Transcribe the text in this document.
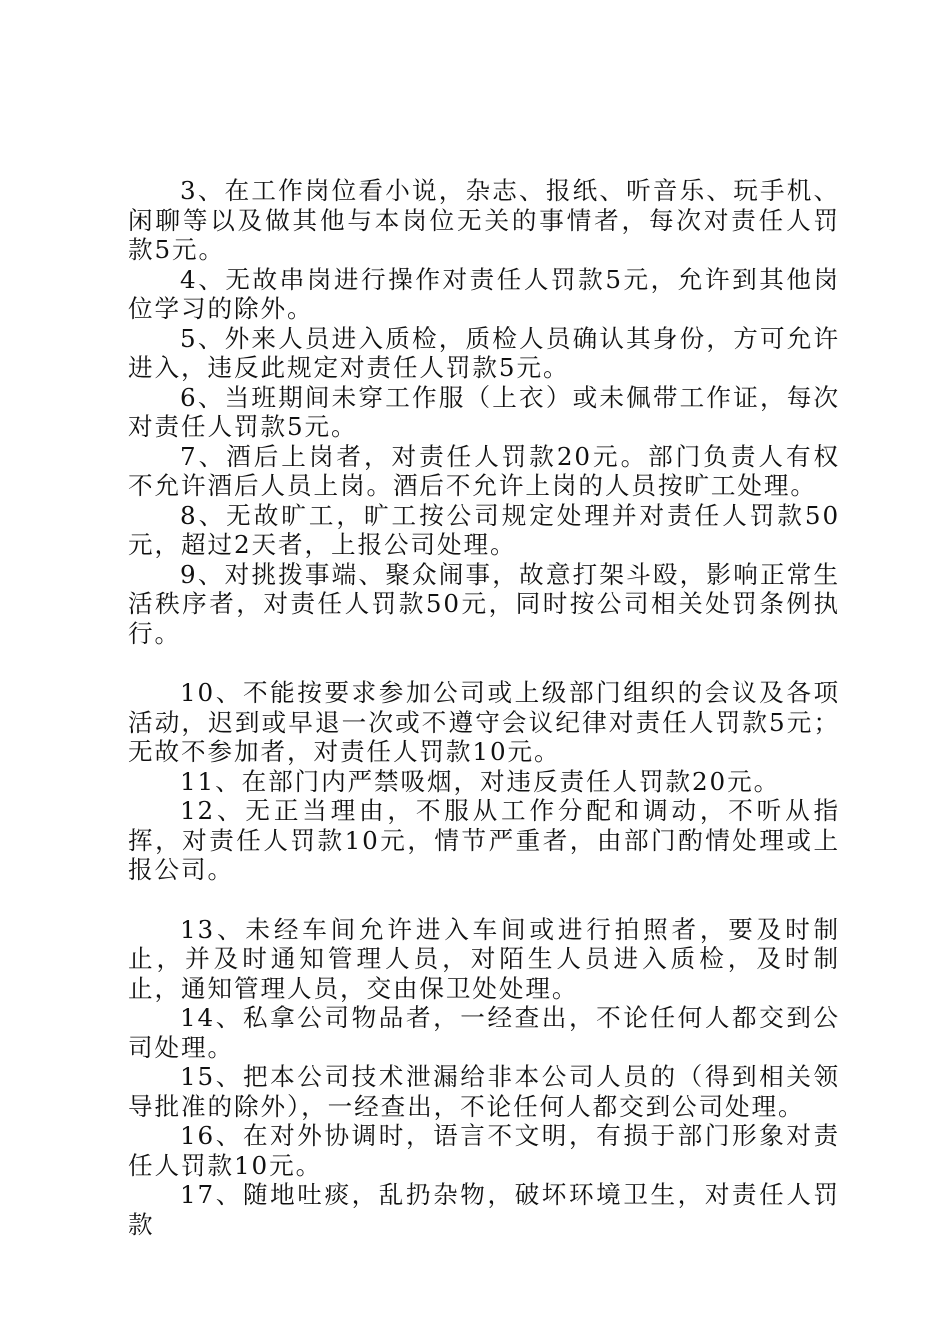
3、在工作岗位看小说，杂志、报纸、听音乐、玩手机、闲聊等以及做其他与本岗位无关的事情者，每次对责任人罚款5元。

4、无故串岗进行操作对责任人罚款5元，允许到其他岗位学习的除外。

5、外来人员进入质检，质检人员确认其身份，方可允许进入，违反此规定对责任人罚款5元。

6、当班期间未穿工作服（上衣）或未佩带工作证，每次对责任人罚款5元。

7、酒后上岗者，对责任人罚款20元。部门负责人有权不允许酒后人员上岗。酒后不允许上岗的人员按旷工处理。

8、无故旷工，旷工按公司规定处理并对责任人罚款50元，超过2天者，上报公司处理。

9、对挑拨事端、聚众闹事，故意打架斗殴，影响正常生活秩序者，对责任人罚款50元，同时按公司相关处罚条例执行。

10、不能按要求参加公司或上级部门组织的会议及各项活动，迟到或早退一次或不遵守会议纪律对责任人罚款5元；无故不参加者，对责任人罚款10元。

11、在部门内严禁吸烟，对违反责任人罚款20元。

12、无正当理由，不服从工作分配和调动，不听从指挥，对责任人罚款10元，情节严重者，由部门酌情处理或上报公司。

13、未经车间允许进入车间或进行拍照者，要及时制止，并及时通知管理人员，对陌生人员进入质检，及时制止，通知管理人员，交由保卫处处理。

14、私拿公司物品者，一经查出，不论任何人都交到公司处理。

15、把本公司技术泄漏给非本公司人员的（得到相关领导批准的除外），一经查出，不论任何人都交到公司处理。

16、在对外协调时，语言不文明，有损于部门形象对责任人罚款10元。

17、随地吐痰，乱扔杂物，破坏环境卫生，对责任人罚款
